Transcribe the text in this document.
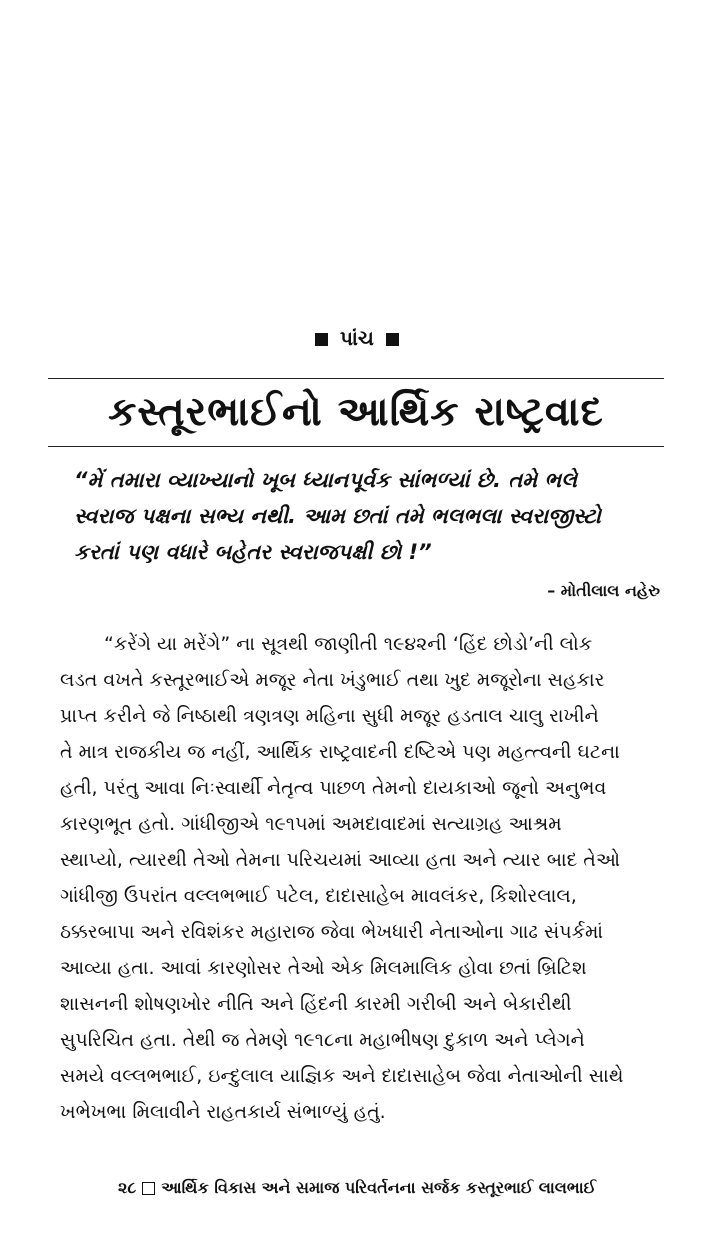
પાંચ
કસ્તૂરભાઈનો આર્થિક રાષ્ટ્રવાદ

“મેં તમારા વ્યાખ્યાનો ખૂબ ધ્યાનપૂર્વક સાંભળ્યાં છે. તમે ભલે

સ્વરાજ પક્ષના સભ્ય નથી. આમ છતાં તમે ભલભલા સ્વરાજીસ્ટો

કરતાં પણ વધારે બહેતર સ્વરાજપક્ષી છો !”

– મોતીલાલ નહેરુ

“કરેંગે યા મરેંગે” ના સૂત્રથી જાણીતી ૧૯૪૨ની ‘હિંદ છોડો’ની લોક

લડત વખતે કસ્તૂરભાઈએ મજૂર નેતા ખંડુભાઈ તથા ખુદ મજૂરોના સહકાર

પ્રાપ્ત કરીને જે નિષ્ઠાથી ત્રણત્રણ મહિના સુધી મજૂર હડતાલ ચાલુ રાખીને

તે માત્ર રાજકીય જ નહીં, આર્થિક રાષ્ટ્રવાદની દષ્ટિએ પણ મહત્ત્વની ઘટના

હતી, પરંતુ આવા નિઃસ્વાર્થી નેતૃત્વ પાછળ તેમનો દાયકાઓ જૂનો અનુભવ

કારણભૂત હતો. ગાંધીજીએ ૧૯૧૫માં અમદાવાદમાં સત્યાગ્રહ આશ્રમ

સ્થાપ્યો, ત્યારથી તેઓ તેમના પરિચયમાં આવ્યા હતા અને ત્યાર બાદ તેઓ

ગાંધીજી ઉપરાંત વલ્લભભાઈ પટેલ, દાદાસાહેબ માવલંકર, કિશોરલાલ,

ઠક્કરબાપા અને રવિશંકર મહારાજ જેવા ભેખધારી નેતાઓના ગાઢ સંપર્કમાં

આવ્યા હતા. આવાં કારણોસર તેઓ એક મિલમાલિક હોવા છતાં બ્રિટિશ

શાસનની શોષણખોર નીતિ અને હિંદની કારમી ગરીબી અને બેકારીથી

સુપરિચિત હતા. તેથી જ તેમણે ૧૯૧૮ના મહાભીષણ દુકાળ અને પ્લેગને

સમયે વલ્લભભાઈ, ઇન્દુલાલ યાજ્ઞિક અને દાદાસાહેબ જેવા નેતાઓની સાથે

ખભેખભા મિલાવીને રાહતકાર્ય સંભાળ્યું હતું.

૨૮ આર્થિક વિકાસ અને સમાજ પરિવર્તનના સર્જક કસ્તૂરભાઈ લાલભાઈ
